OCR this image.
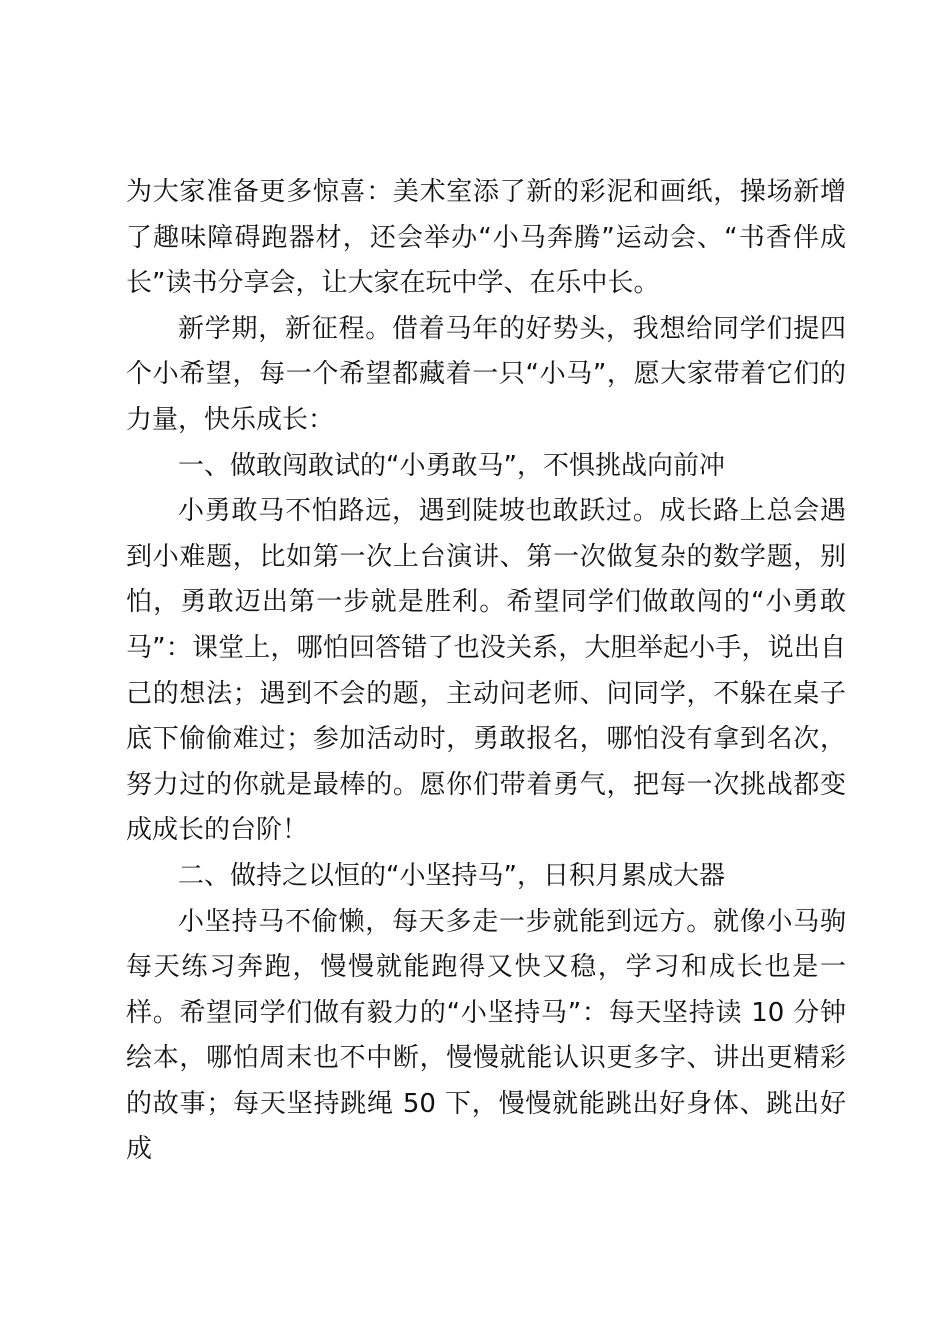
为大家准备更多惊喜：美术室添了新的彩泥和画纸，操场新增了趣味障碍跑器材，还会举办“小马奔腾”运动会、“书香伴成长”读书分享会，让大家在玩中学、在乐中长。

新学期，新征程。借着马年的好势头，我想给同学们提四个小希望，每一个希望都藏着一只“小马”，愿大家带着它们的力量，快乐成长：

一、做敢闯敢试的“小勇敢马”，不惧挑战向前冲

小勇敢马不怕路远，遇到陡坡也敢跃过。成长路上总会遇到小难题，比如第一次上台演讲、第一次做复杂的数学题，别怕，勇敢迈出第一步就是胜利。希望同学们做敢闯的“小勇敢马”：课堂上，哪怕回答错了也没关系，大胆举起小手，说出自己的想法；遇到不会的题，主动问老师、问同学，不躲在桌子底下偷偷难过；参加活动时，勇敢报名，哪怕没有拿到名次，努力过的你就是最棒的。愿你们带着勇气，把每一次挑战都变成成长的台阶！

二、做持之以恒的“小坚持马”，日积月累成大器

小坚持马不偷懒，每天多走一步就能到远方。就像小马驹每天练习奔跑，慢慢就能跑得又快又稳，学习和成长也是一样。希望同学们做有毅力的“小坚持马”：每天坚持读 10 分钟绘本，哪怕周末也不中断，慢慢就能认识更多字、讲出更精彩的故事；每天坚持跳绳 50 下，慢慢就能跳出好身体、跳出好成
